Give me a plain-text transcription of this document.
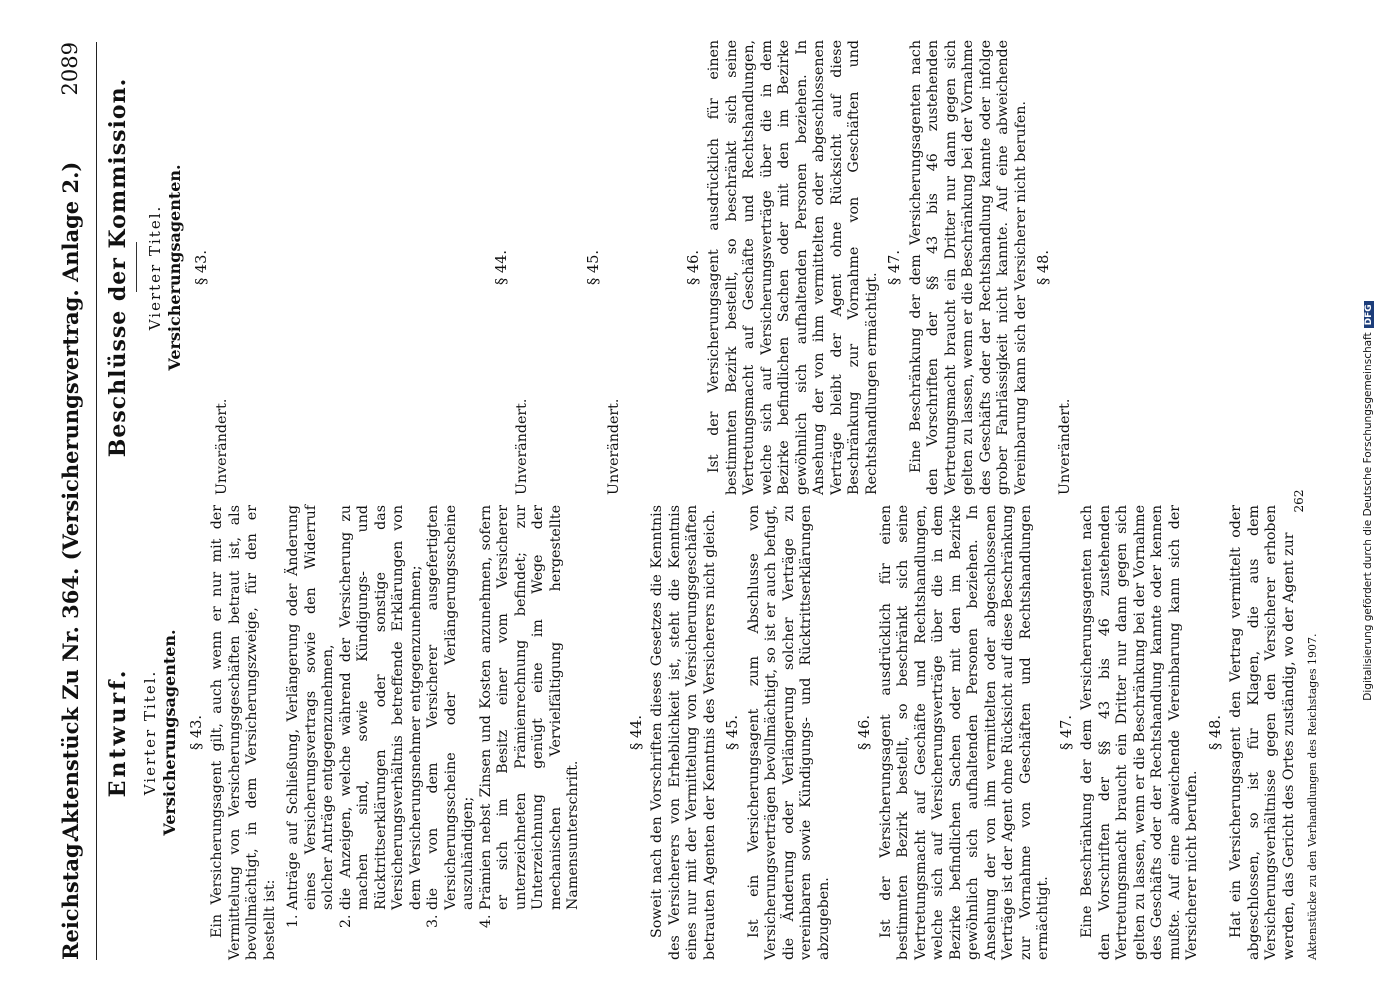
Reichstag.
Aktenstück Zu Nr. 364. (Versicherungsvertrag. Anlage 2.)
2089
Entwurf. Vierter Titel. Versicherungsagenten. § 43. Ein Versicherungsagent gilt, auch wenn er nur mit der Vermittelung von Versicherungsgeschäften betraut ist, als bevollmächtigt, in dem Versicherungszweige, für den er bestellt ist:

1. Anträge auf Schließung, Verlängerung oder Änderung eines Versicherungsvertrags sowie den Widerruf solcher Anträge entgegenzunehmen, 2. die Anzeigen, welche während der Versicherung zu machen sind, sowie Kündigungs- und Rücktrittserklärungen oder sonstige das Versicherungsverhältnis betreffende Erklärungen von dem Versicherungsnehmer entgegenzunehmen; 3. die von dem Versicherer ausgefertigten Versicherungsscheine oder Verlängerungsscheine auszuhändigen; 4. Prämien nebst Zinsen und Kosten anzunehmen, sofern er sich im Besitz einer vom Versicherer unterzeichneten Prämienrechnung befindet; zur Unterzeichnung genügt eine im Wege der mechanischen Vervielfältigung hergestellte Namensunterschrift.
§ 44. Soweit nach den Vorschriften dieses Gesetzes die Kenntnis des Versicherers von Erheblichkeit ist, steht die Kenntnis eines nur mit der Vermittelung von Versicherungsgeschäften betrauten Agenten der Kenntnis des Versicherers nicht gleich. § 45. Ist ein Versicherungsagent zum Abschlusse von Versicherungsverträgen bevollmächtigt, so ist er auch befugt, die Änderung oder Verlängerung solcher Verträge zu vereinbaren sowie Kündigungs- und Rücktrittserklärungen abzugeben.

§ 46. Ist der Versicherungsagent ausdrücklich für einen bestimmten Bezirk bestellt, so beschränkt sich seine Vertretungsmacht auf Geschäfte und Rechtshandlungen, welche sich auf Versicherungsverträge über die in dem Bezirke befindlichen Sachen oder mit den im Bezirke gewöhnlich sich aufhaltenden Personen beziehen. In Ansehung der von ihm vermittelten oder abgeschlossenen Verträge ist der Agent ohne Rücksicht auf diese Beschränkung zur Vornahme von Geschäften und Rechtshandlungen ermächtigt.

§ 47. Eine Beschränkung der dem Versicherungsagenten nach den Vorschriften der §§ 43 bis 46 zustehenden Vertretungsmacht braucht ein Dritter nur dann gegen sich gelten zu lassen, wenn er die Beschränkung bei der Vornahme des Geschäfts oder der Rechtshandlung kannte oder kennen mußte. Auf eine abweichende Vereinbarung kann sich der Versicherer nicht berufen.

§ 48. Hat ein Versicherungsagent den Vertrag vermittelt oder abgeschlossen, so ist für Klagen, die aus dem Versicherungsverhältnisse gegen den Versicherer erhoben werden, das Gericht des Ortes zuständig, wo der Agent zur Aktenstücke zu den Verhandlungen des Reichstages 1907.
Beschlüsse der Kommission. Vierter Titel. Versicherungsagenten. § 43.

Unverändert.

§ 44.

Unverändert.

§ 45.

Unverändert.

§ 46. Ist der Versicherungsagent ausdrücklich für einen bestimmten Bezirk bestellt, so beschränkt sich seine Vertretungsmacht auf Geschäfte und Rechtshandlungen, welche sich auf Versicherungsverträge über die in dem Bezirke befindlichen Sachen oder mit den im Bezirke gewöhnlich sich aufhaltenden Personen beziehen. In Ansehung der von ihm vermittelten oder abgeschlossenen Verträge bleibt der Agent ohne Rücksicht auf diese Beschränkung zur Vornahme von Geschäften und Rechtshandlungen ermächtigt.

§ 47. Eine Beschränkung der dem Versicherungsagenten nach den Vorschriften der §§ 43 bis 46 zustehenden Vertretungsmacht braucht ein Dritter nur dann gegen sich gelten zu lassen, wenn er die Beschränkung bei der Vornahme des Geschäfts oder der Rechtshandlung kannte oder infolge grober Fahrlässigkeit nicht kannte. Auf eine abweichende Vereinbarung kann sich der Versicherer nicht berufen. § 48.

Unverändert.

262	Digitalisierung gefördert durch die Deutsche ForschungsgemeinschaftDFG
